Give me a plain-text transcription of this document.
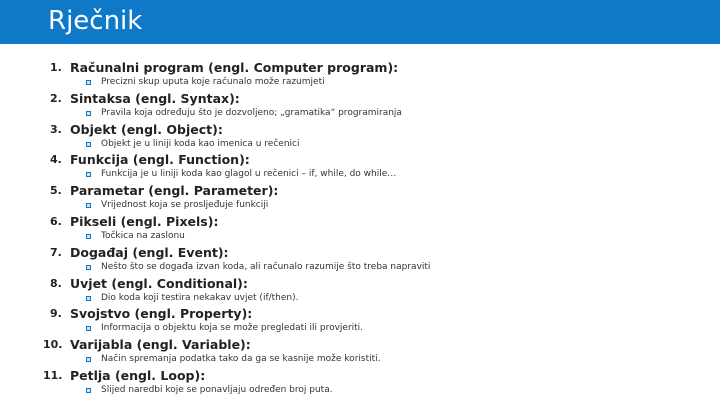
Rječnik
1. Računalni program (engl. Computer program):
Precizni skup uputa koje računalo može razumjeti
2. Sintaksa (engl. Syntax):
Pravila koja određuju što je dozvoljeno; „gramatika“ programiranja
3. Objekt (engl. Object):
Objekt je u liniji koda kao imenica u rečenici
4. Funkcija (engl. Function):
Funkcija je u liniji koda kao glagol u rečenici – if, while, do while…
5. Parametar (engl. Parameter):
Vrijednost koja se prosljeđuje funkciji
6. Pikseli (engl. Pixels):
Točkica na zaslonu
7. Događaj (engl. Event):
Nešto što se događa izvan koda, ali računalo razumije što treba napraviti
8. Uvjet (engl. Conditional):
Dio koda koji testira nekakav uvjet (if/then).
9. Svojstvo (engl. Property):
Informacija o objektu koja se može pregledati ili provjeriti.
10. Varijabla (engl. Variable):
Način spremanja podatka tako da ga se kasnije može koristiti.
11. Petlja (engl. Loop):
Slijed naredbi koje se ponavljaju određen broj puta.
